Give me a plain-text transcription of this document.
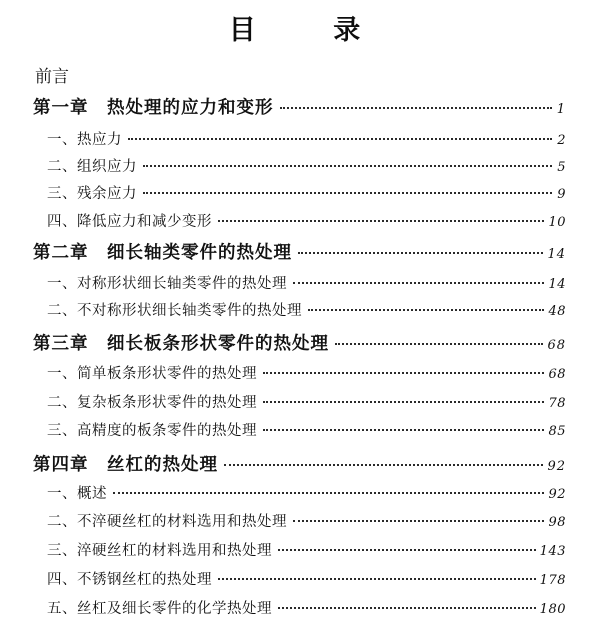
目 录
前言
第一章　热处理的应力和变形	1
一、热应力	2
二、组织应力	5
三、残余应力	9
四、降低应力和减少变形	10
第二章　细长轴类零件的热处理	14
一、对称形状细长轴类零件的热处理	14
二、不对称形状细长轴类零件的热处理	48
第三章　细长板条形状零件的热处理	68
一、简单板条形状零件的热处理	68
二、复杂板条形状零件的热处理	78
三、高精度的板条零件的热处理	85
第四章　丝杠的热处理	92
一、概述	92
二、不淬硬丝杠的材料选用和热处理	98
三、淬硬丝杠的材料选用和热处理	143
四、不锈钢丝杠的热处理	178
五、丝杠及细长零件的化学热处理	180
